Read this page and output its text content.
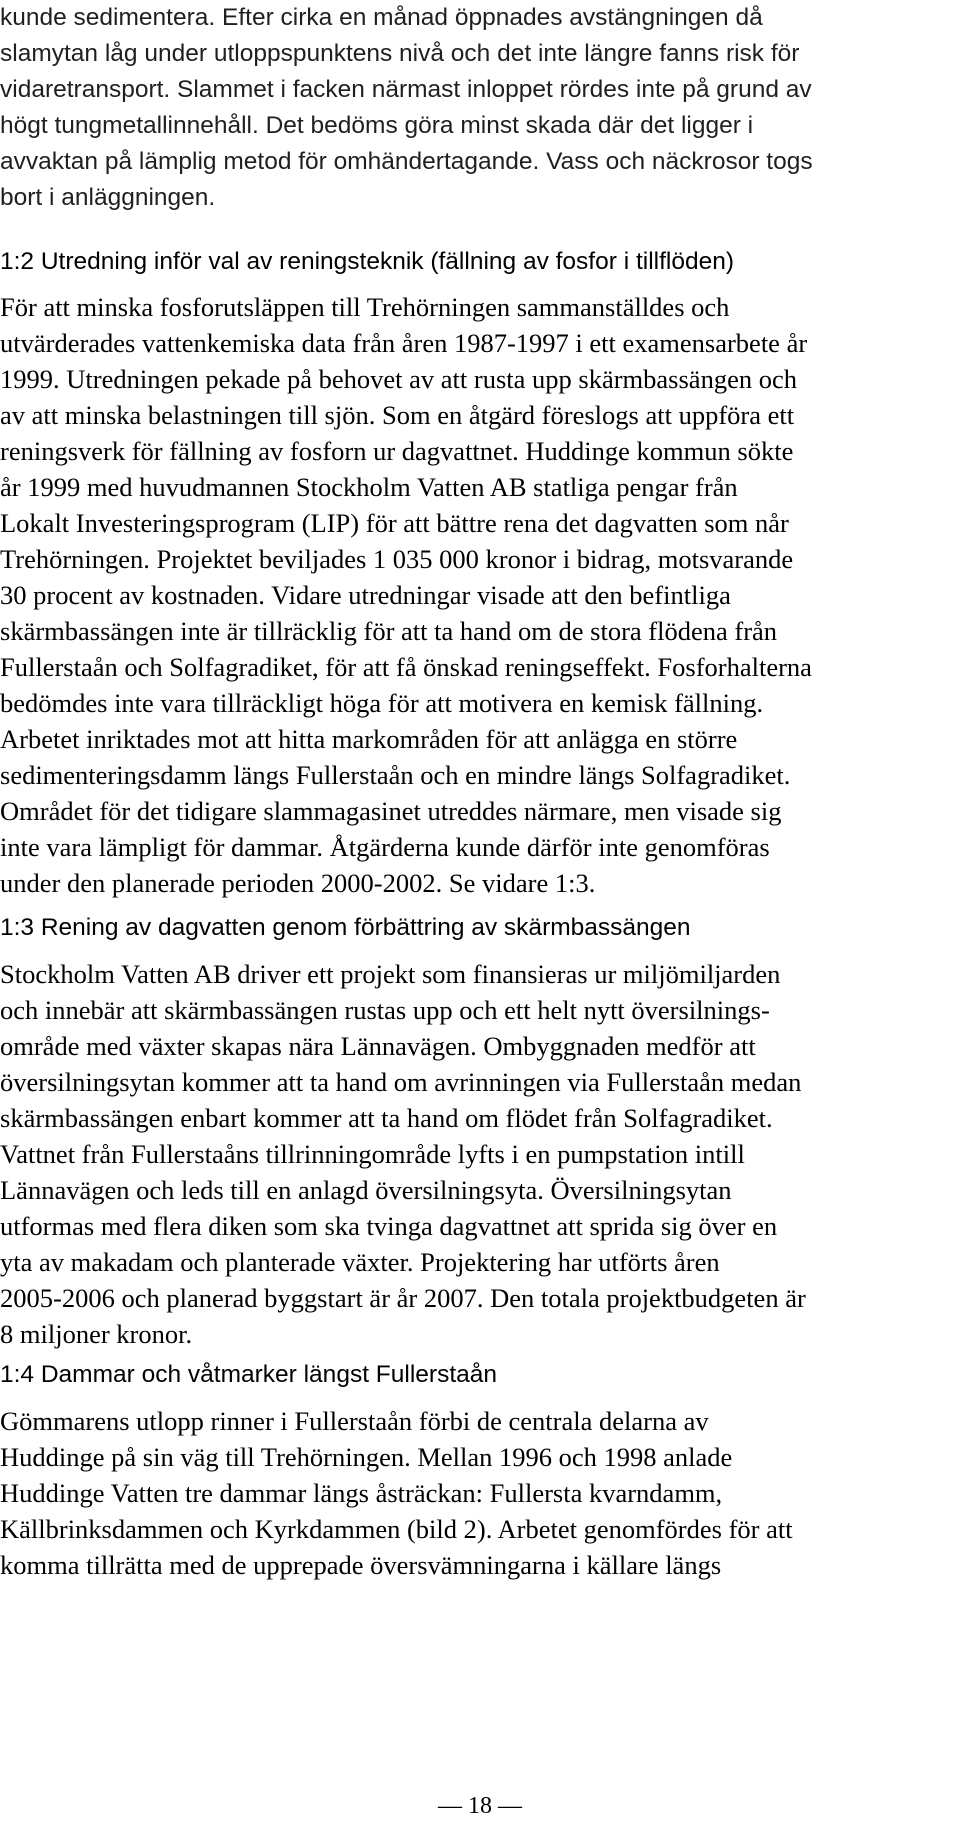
kunde sedimentera. Efter cirka en månad öppnades avstängningen då
slamytan låg under utloppspunktens nivå och det inte längre fanns risk för
vidaretransport. Slammet i facken närmast inloppet rördes inte på grund av
högt tungmetallinnehåll. Det bedöms göra minst skada där det ligger i
avvaktan på lämplig metod för omhändertagande. Vass och näckrosor togs
bort i anläggningen.
1:2 Utredning inför val av reningsteknik (fällning av fosfor i tillflöden)
För att minska fosforutsläppen till Trehörningen sammanställdes och
utvärderades vattenkemiska data från åren 1987-1997 i ett examensarbete år
1999. Utredningen pekade på behovet av att rusta upp skärmbassängen och
av att minska belastningen till sjön. Som en åtgärd föreslogs att uppföra ett
reningsverk för fällning av fosforn ur dagvattnet. Huddinge kommun sökte
år 1999 med huvudmannen Stockholm Vatten AB statliga pengar från
Lokalt Investeringsprogram (LIP) för att bättre rena det dagvatten som når
Trehörningen. Projektet beviljades 1 035 000 kronor i bidrag, motsvarande
30 procent av kostnaden. Vidare utredningar visade att den befintliga
skärmbassängen inte är tillräcklig för att ta hand om de stora flödena från
Fullerstaån och Solfagradiket, för att få önskad reningseffekt. Fosforhalterna
bedömdes inte vara tillräckligt höga för att motivera en kemisk fällning.
Arbetet inriktades mot att hitta markområden för att anlägga en större
sedimenteringsdamm längs Fullerstaån och en mindre längs Solfagradiket.
Området för det tidigare slammagasinet utreddes närmare, men visade sig
inte vara lämpligt för dammar. Åtgärderna kunde därför inte genomföras
under den planerade perioden 2000-2002. Se vidare 1:3.
1:3 Rening av dagvatten genom förbättring av skärmbassängen
Stockholm Vatten AB driver ett projekt som finansieras ur miljömiljarden
och innebär att skärmbassängen rustas upp och ett helt nytt översilnings-
område med växter skapas nära Lännavägen. Ombyggnaden medför att
översilningsytan kommer att ta hand om avrinningen via Fullerstaån medan
skärmbassängen enbart kommer att ta hand om flödet från Solfagradiket.
Vattnet från Fullerstaåns tillrinningområde lyfts i en pumpstation intill
Lännavägen och leds till en anlagd översilningsyta. Översilningsytan
utformas med flera diken som ska tvinga dagvattnet att sprida sig över en
yta av makadam och planterade växter. Projektering har utförts åren
2005-2006 och planerad byggstart är år 2007. Den totala projektbudgeten är
8 miljoner kronor.
1:4 Dammar och våtmarker längst Fullerstaån
Gömmarens utlopp rinner i Fullerstaån förbi de centrala delarna av
Huddinge på sin väg till Trehörningen. Mellan 1996 och 1998 anlade
Huddinge Vatten tre dammar längs åsträckan: Fullersta kvarndamm,
Källbrinksdammen och Kyrkdammen (bild 2). Arbetet genomfördes för att
komma tillrätta med de upprepade översvämningarna i källare längs
— 18 —
